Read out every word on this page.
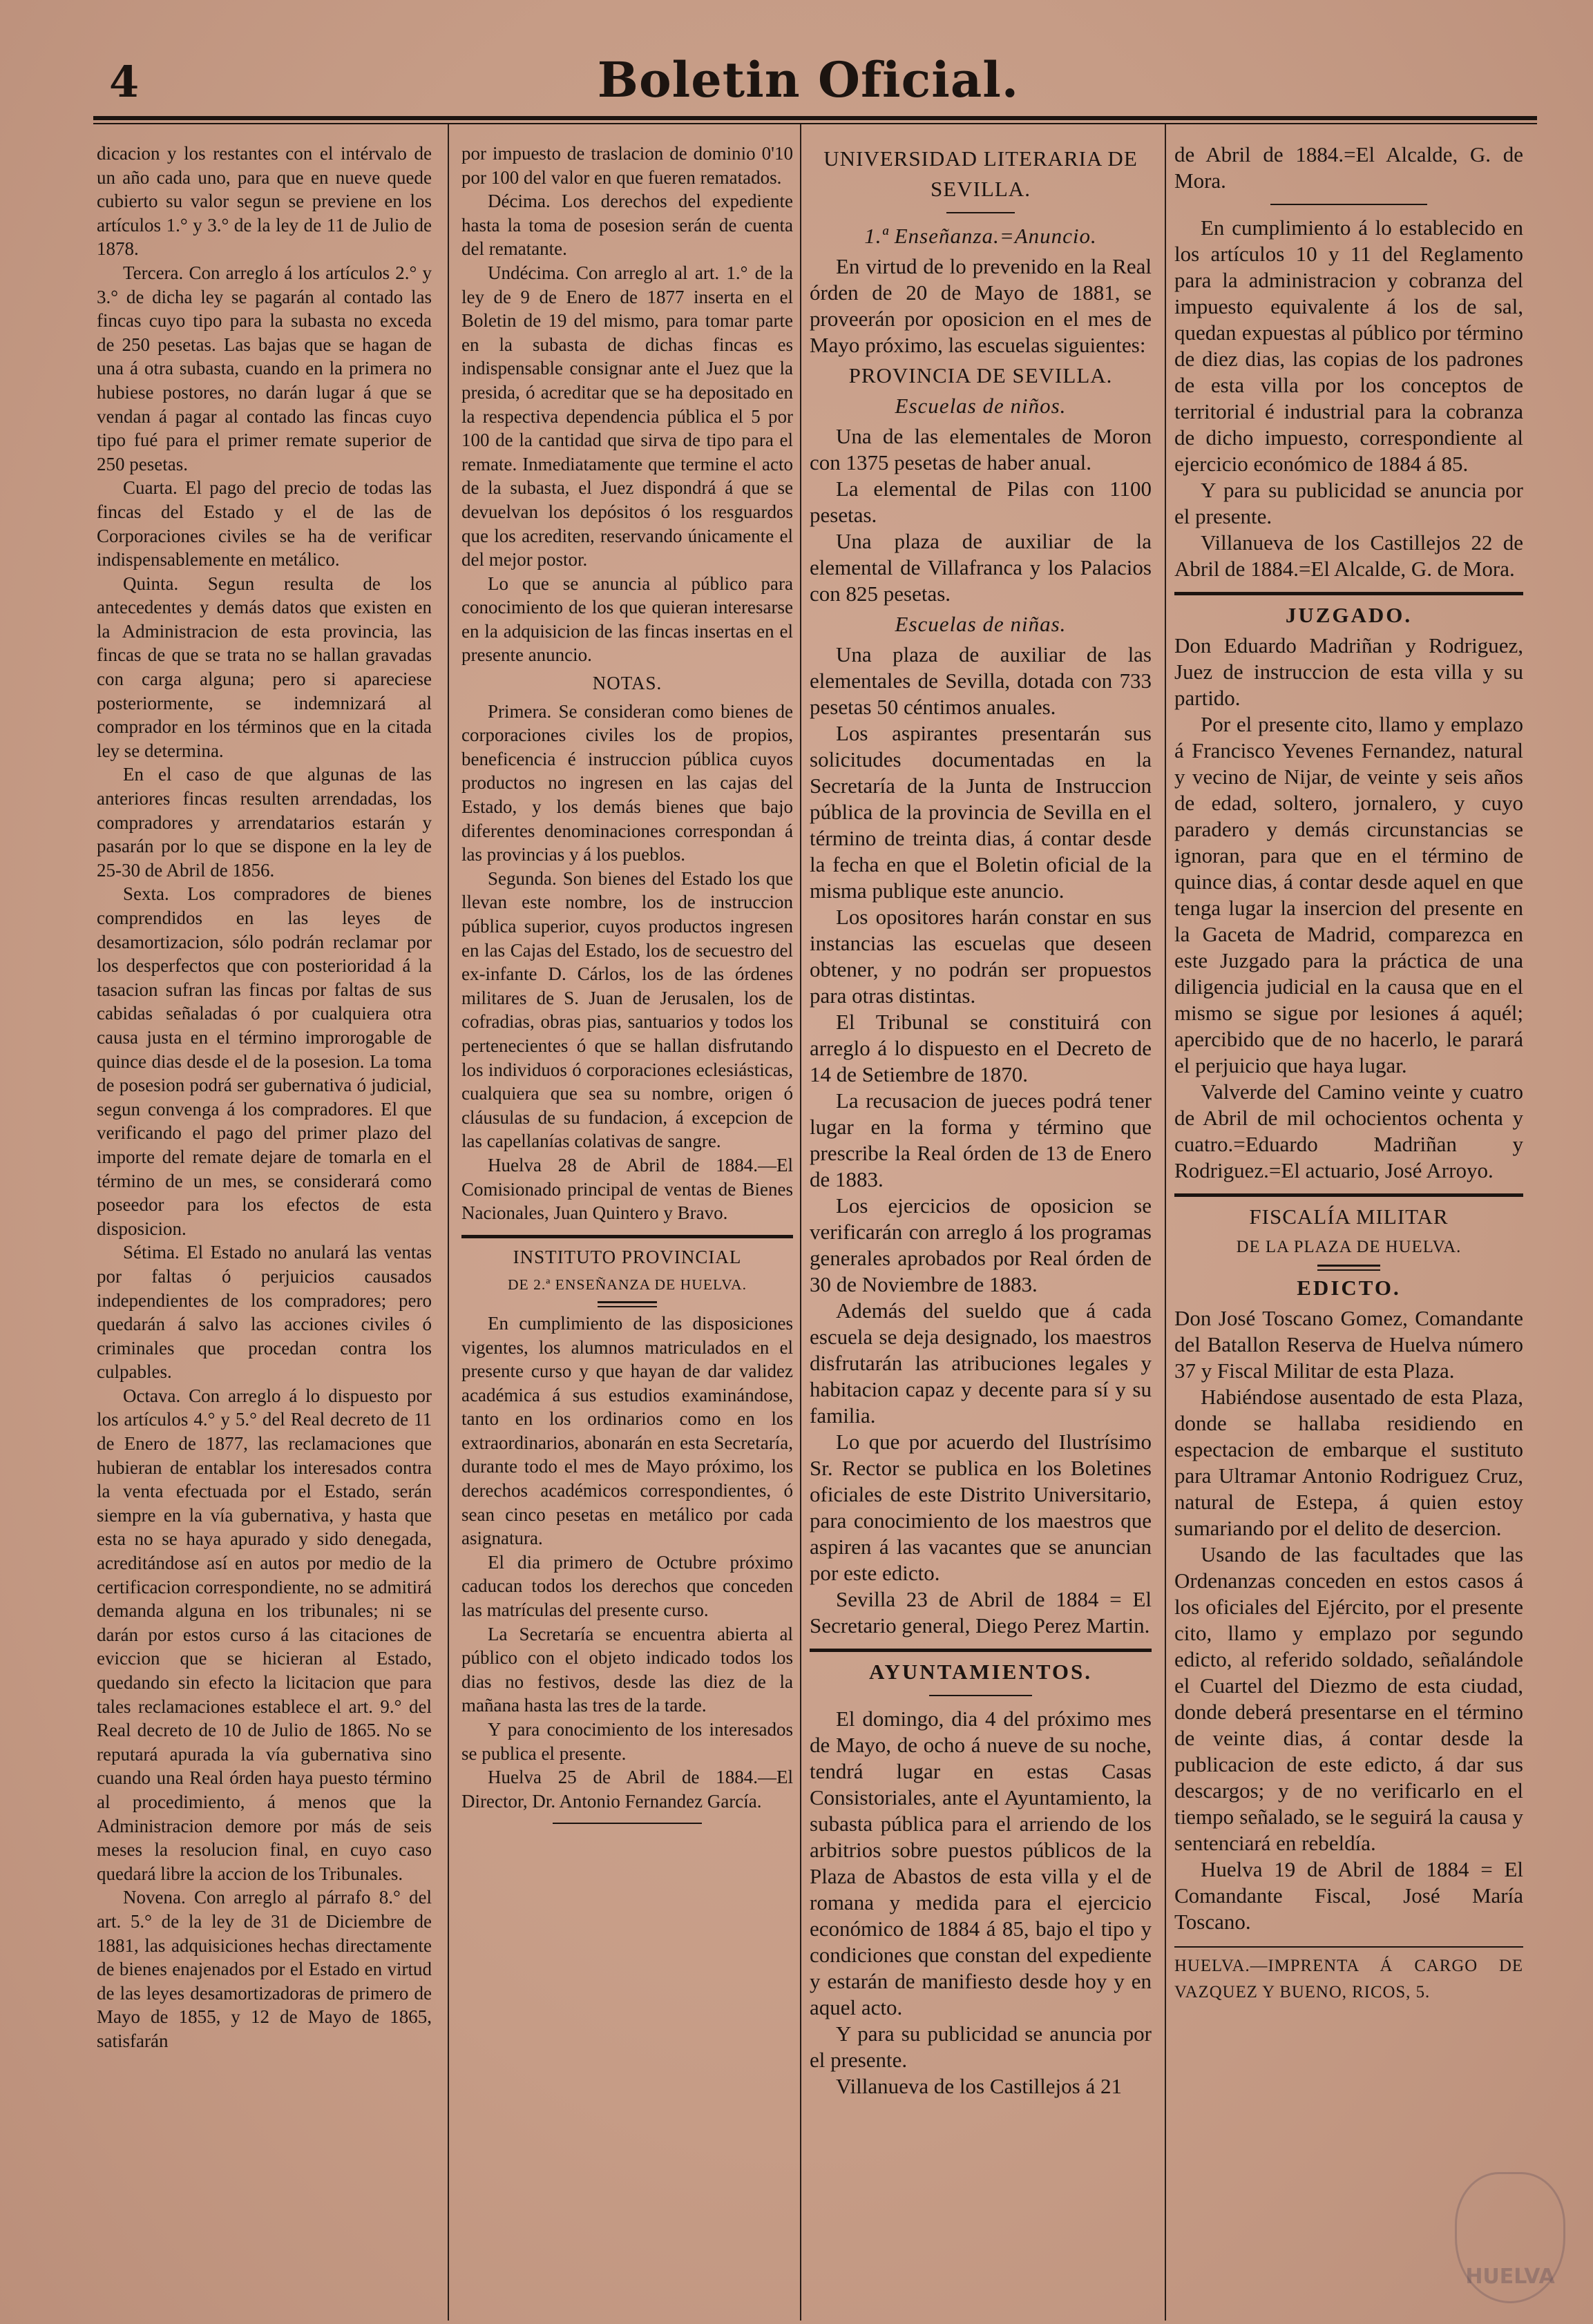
4	Boletin Oficial.

dicacion y los restantes con el intérvalo de un año cada uno, para que en nueve quede cubierto su valor segun se previene en los artículos 1.° y 3.° de la ley de 11 de Julio de 1878.

Tercera. Con arreglo á los artículos 2.° y 3.° de dicha ley se pagarán al contado las fincas cuyo tipo para la subasta no exceda de 250 pesetas. Las bajas que se hagan de una á otra subasta, cuando en la primera no hubiese postores, no darán lugar á que se vendan á pagar al contado las fincas cuyo tipo fué para el primer remate superior de 250 pesetas.

Cuarta. El pago del precio de todas las fincas del Estado y el de las de Corporaciones civiles se ha de verificar indispensablemente en metálico.

Quinta. Segun resulta de los antecedentes y demás datos que existen en la Administracion de esta provincia, las fincas de que se trata no se hallan gravadas con carga alguna; pero si apareciese posteriormente, se indemnizará al comprador en los términos que en la citada ley se determina.

En el caso de que algunas de las anteriores fincas resulten arrendadas, los compradores y arrendatarios estarán y pasarán por lo que se dispone en la ley de 25-30 de Abril de 1856.

Sexta. Los compradores de bienes comprendidos en las leyes de desamortizacion, sólo podrán reclamar por los desperfectos que con posterioridad á la tasacion sufran las fincas por faltas de sus cabidas señaladas ó por cualquiera otra causa justa en el término improrogable de quince dias desde el de la posesion. La toma de posesion podrá ser gubernativa ó judicial, segun convenga á los compradores. El que verificando el pago del primer plazo del importe del remate dejare de tomarla en el término de un mes, se considerará como poseedor para los efectos de esta disposicion.

Sétima. El Estado no anulará las ventas por faltas ó perjuicios causados independientes de los compradores; pero quedarán á salvo las acciones civiles ó criminales que procedan contra los culpables.

Octava. Con arreglo á lo dispuesto por los artículos 4.° y 5.° del Real decreto de 11 de Enero de 1877, las reclamaciones que hubieran de entablar los interesados contra la venta efectuada por el Estado, serán siempre en la vía gubernativa, y hasta que esta no se haya apurado y sido denegada, acreditándose así en autos por medio de la certificacion correspondiente, no se admitirá demanda alguna en los tribunales; ni se darán por estos curso á las citaciones de eviccion que se hicieran al Estado, quedando sin efecto la licitacion que para tales reclamaciones establece el art. 9.° del Real decreto de 10 de Julio de 1865. No se reputará apurada la vía gubernativa sino cuando una Real órden haya puesto término al procedimiento, á menos que la Administracion demore por más de seis meses la resolucion final, en cuyo caso quedará libre la accion de los Tribunales.

Novena. Con arreglo al párrafo 8.° del art. 5.° de la ley de 31 de Diciembre de 1881, las adquisiciones hechas directamente de bienes enajenados por el Estado en virtud de las leyes desamortizadoras de primero de Mayo de 1855, y 12 de Mayo de 1865, satisfarán

por impuesto de traslacion de dominio 0'10 por 100 del valor en que fueren rematados.

Décima. Los derechos del expediente hasta la toma de posesion serán de cuenta del rematante.

Undécima. Con arreglo al art. 1.° de la ley de 9 de Enero de 1877 inserta en el Boletin de 19 del mismo, para tomar parte en la subasta de dichas fincas es indispensable consignar ante el Juez que la presida, ó acreditar que se ha depositado en la respectiva dependencia pública el 5 por 100 de la cantidad que sirva de tipo para el remate. Inmediatamente que termine el acto de la subasta, el Juez dispondrá á que se devuelvan los depósitos ó los resguardos que los acrediten, reservando únicamente el del mejor postor.

Lo que se anuncia al público para conocimiento de los que quieran interesarse en la adquisicion de las fincas insertas en el presente anuncio.

NOTAS.

Primera. Se consideran como bienes de corporaciones civiles los de propios, beneficencia é instruccion pública cuyos productos no ingresen en las cajas del Estado, y los demás bienes que bajo diferentes denominaciones correspondan á las provincias y á los pueblos.

Segunda. Son bienes del Estado los que llevan este nombre, los de instruccion pública superior, cuyos productos ingresen en las Cajas del Estado, los de secuestro del ex-infante D. Cárlos, los de las órdenes militares de S. Juan de Jerusalen, los de cofradias, obras pias, santuarios y todos los pertenecientes ó que se hallan disfrutando los individuos ó corporaciones eclesiásticas, cualquiera que sea su nombre, origen ó cláusulas de su fundacion, á excepcion de las capellanías colativas de sangre.

Huelva 28 de Abril de 1884.—El Comisionado principal de ventas de Bienes Nacionales, Juan Quintero y Bravo.

INSTITUTO PROVINCIAL

DE 2.ª ENSEÑANZA DE HUELVA.

En cumplimiento de las disposiciones vigentes, los alumnos matriculados en el presente curso y que hayan de dar validez académica á sus estudios examinándose, tanto en los ordinarios como en los extraordinarios, abonarán en esta Secretaría, durante todo el mes de Mayo próximo, los derechos académicos correspondientes, ó sean cinco pesetas en metálico por cada asignatura.

El dia primero de Octubre próximo caducan todos los derechos que conceden las matrículas del presente curso.

La Secretaría se encuentra abierta al público con el objeto indicado todos los dias no festivos, desde las diez de la mañana hasta las tres de la tarde.

Y para conocimiento de los interesados se publica el presente.

Huelva 25 de Abril de 1884.—El Director, Dr. Antonio Fernandez García.

UNIVERSIDAD LITERARIA DE

SEVILLA.

1.ª Enseñanza.=Anuncio.

En virtud de lo prevenido en la Real órden de 20 de Mayo de 1881, se proveerán por oposicion en el mes de Mayo próximo, las escuelas siguientes:

PROVINCIA DE SEVILLA.

Escuelas de niños.

Una de las elementales de Moron con 1375 pesetas de haber anual.

La elemental de Pilas con 1100 pesetas.

Una plaza de auxiliar de la elemental de Villafranca y los Palacios con 825 pesetas.

Escuelas de niñas.

Una plaza de auxiliar de las elementales de Sevilla, dotada con 733 pesetas 50 céntimos anuales.

Los aspirantes presentarán sus solicitudes documentadas en la Secretaría de la Junta de Instruccion pública de la provincia de Sevilla en el término de treinta dias, á contar desde la fecha en que el Boletin oficial de la misma publique este anuncio.

Los opositores harán constar en sus instancias las escuelas que deseen obtener, y no podrán ser propuestos para otras distintas.

El Tribunal se constituirá con arreglo á lo dispuesto en el Decreto de 14 de Setiembre de 1870.

La recusacion de jueces podrá tener lugar en la forma y término que prescribe la Real órden de 13 de Enero de 1883.

Los ejercicios de oposicion se verificarán con arreglo á los programas generales aprobados por Real órden de 30 de Noviembre de 1883.

Además del sueldo que á cada escuela se deja designado, los maestros disfrutarán las atribuciones legales y habitacion capaz y decente para sí y su familia.

Lo que por acuerdo del Ilustrísimo Sr. Rector se publica en los Boletines oficiales de este Distrito Universitario, para conocimiento de los maestros que aspiren á las vacantes que se anuncian por este edicto.

Sevilla 23 de Abril de 1884 = El Secretario general, Diego Perez Martin.

AYUNTAMIENTOS.

El domingo, dia 4 del próximo mes de Mayo, de ocho á nueve de su noche, tendrá lugar en estas Casas Consistoriales, ante el Ayuntamiento, la subasta pública para el arriendo de los arbitrios sobre puestos públicos de la Plaza de Abastos de esta villa y el de romana y medida para el ejercicio económico de 1884 á 85, bajo el tipo y condiciones que constan del expediente y estarán de manifiesto desde hoy y en aquel acto.

Y para su publicidad se anuncia por el presente.

Villanueva de los Castillejos á 21

de Abril de 1884.=El Alcalde, G. de Mora.

En cumplimiento á lo establecido en los artículos 10 y 11 del Reglamento para la administracion y cobranza del impuesto equivalente á los de sal, quedan expuestas al público por término de diez dias, las copias de los padrones de esta villa por los conceptos de territorial é industrial para la cobranza de dicho impuesto, correspondiente al ejercicio económico de 1884 á 85.

Y para su publicidad se anuncia por el presente.

Villanueva de los Castillejos 22 de Abril de 1884.=El Alcalde, G. de Mora.

JUZGADO.

Don Eduardo Madriñan y Rodriguez, Juez de instruccion de esta villa y su partido.

Por el presente cito, llamo y emplazo á Francisco Yevenes Fernandez, natural y vecino de Nijar, de veinte y seis años de edad, soltero, jornalero, y cuyo paradero y demás circunstancias se ignoran, para que en el término de quince dias, á contar desde aquel en que tenga lugar la insercion del presente en la Gaceta de Madrid, comparezca en este Juzgado para la práctica de una diligencia judicial en la causa que en el mismo se sigue por lesiones á aquél; apercibido que de no hacerlo, le parará el perjuicio que haya lugar.

Valverde del Camino veinte y cuatro de Abril de mil ochocientos ochenta y cuatro.=Eduardo Madriñan y Rodriguez.=El actuario, José Arroyo.

FISCALÍA MILITAR

DE LA PLAZA DE HUELVA.

EDICTO.

Don José Toscano Gomez, Comandante del Batallon Reserva de Huelva número 37 y Fiscal Militar de esta Plaza.

Habiéndose ausentado de esta Plaza, donde se hallaba residiendo en espectacion de embarque el sustituto para Ultramar Antonio Rodriguez Cruz, natural de Estepa, á quien estoy sumariando por el delito de desercion.

Usando de las facultades que las Ordenanzas conceden en estos casos á los oficiales del Ejército, por el presente cito, llamo y emplazo por segundo edicto, al referido soldado, señalándole el Cuartel del Diezmo de esta ciudad, donde deberá presentarse en el término de veinte dias, á contar desde la publicacion de este edicto, á dar sus descargos; y de no verificarlo en el tiempo señalado, se le seguirá la causa y sentenciará en rebeldía.

Huelva 19 de Abril de 1884 = El Comandante Fiscal, José María Toscano.

HUELVA.—IMPRENTA Á CARGO DE VAZQUEZ Y BUENO, RICOS, 5.

HUELVA
